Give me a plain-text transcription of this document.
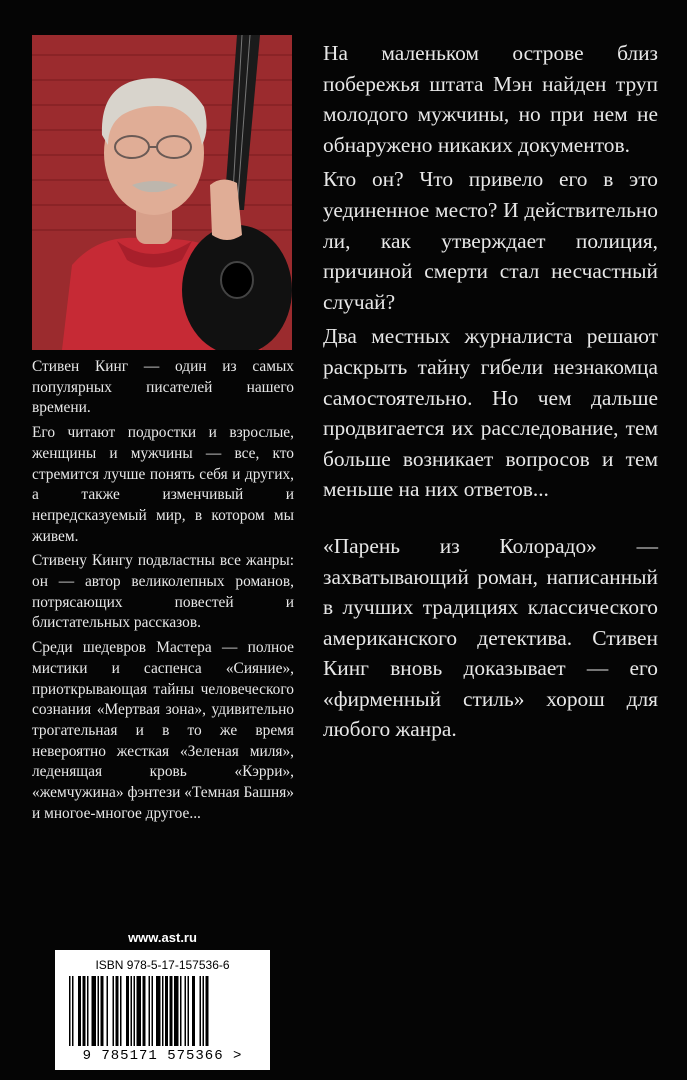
Стивен Кинг — один из самых популярных писателей нашего времени.

Его читают подростки и взрослые, женщины и мужчины — все, кто стремится лучше понять себя и других, а также изменчивый и непредсказуемый мир, в котором мы живем.

Стивену Кингу подвластны все жанры: он — автор великолепных романов, потрясающих повестей и блистательных рассказов.

Среди шедевров Мастера — полное мистики и саспенса «Сияние», приоткрывающая тайны человеческого сознания «Мертвая зона», удивительно трогательная и в то же время невероятно жесткая «Зеленая миля», леденящая кровь «Кэрри», «жемчужина» фэнтези «Темная Башня» и многое-многое другое...

На маленьком острове близ побережья штата Мэн найден труп молодого мужчины, но при нем не обнаружено никаких документов.

Кто он? Что привело его в это уединенное место? И действительно ли, как утверждает полиция, причиной смерти стал несчастный случай?

Два местных журналиста решают раскрыть тайну гибели незнакомца самостоятельно. Но чем дальше продвигается их расследование, тем больше возникает вопросов и тем меньше на них ответов...

«Парень из Колорадо» — захватывающий роман, написанный в лучших традициях классического американского детектива. Стивен Кинг вновь доказывает — его «фирменный стиль» хорош для любого жанра.

www.ast.ru
ISBN 978-5-17-157536-6
9 785171 575366 >
